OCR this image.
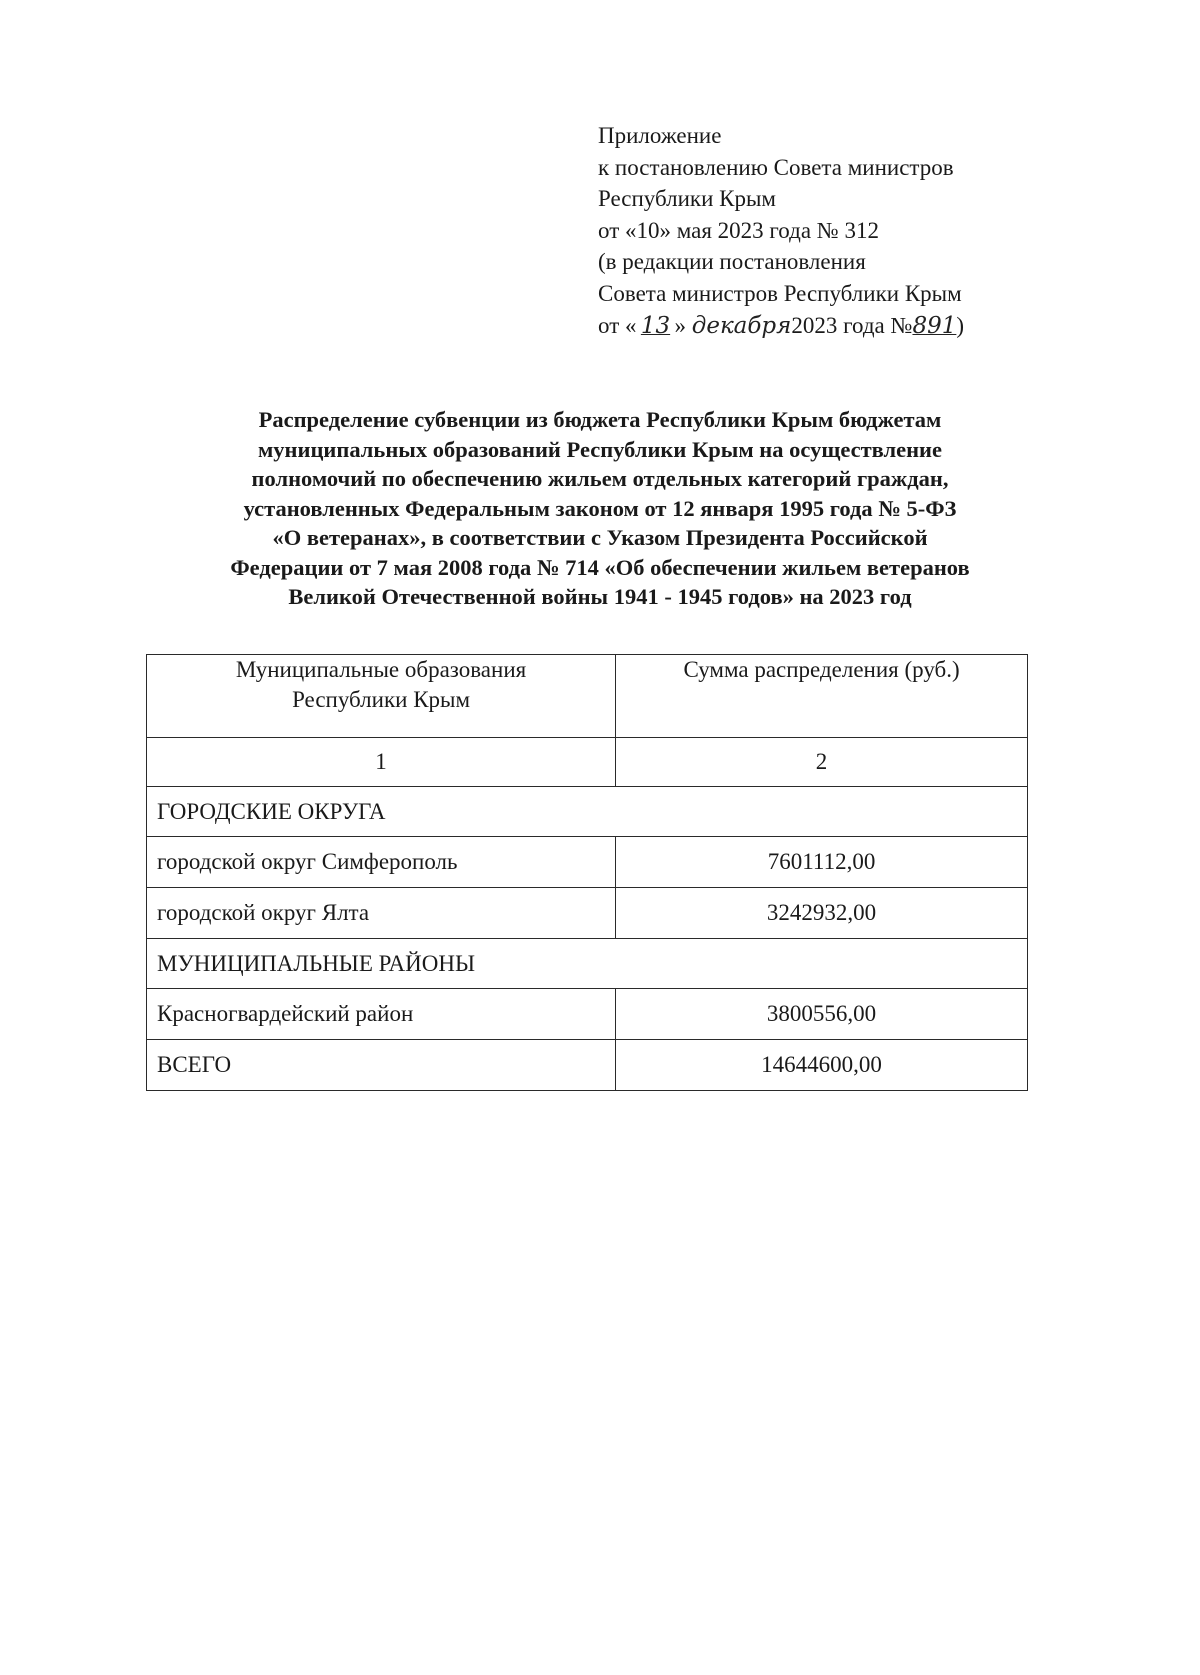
Приложение
к постановлению Совета министров
Республики Крым
от «10» мая 2023 года № 312
(в редакции постановления
Совета министров Республики Крым
от « 13 » декабря2023 года №891)
Распределение субвенции из бюджета Республики Крым бюджетам
муниципальных образований Республики Крым на осуществление
полномочий по обеспечению жильем отдельных категорий граждан,
установленных Федеральным законом от 12 января 1995 года № 5-ФЗ
«О ветеранах», в соответствии с Указом Президента Российской
Федерации от 7 мая 2008 года № 714 «Об обеспечении жильем ветеранов
Великой Отечественной войны 1941 - 1945 годов» на 2023 год
Муниципальные образования
Республики Крым	Сумма распределения (руб.)
1	2
ГОРОДСКИЕ ОКРУГА	
городской округ Симферополь	7601112,00
городской округ Ялта	3242932,00
МУНИЦИПАЛЬНЫЕ РАЙОНЫ	
Красногвардейский район	3800556,00
ВСЕГО	14644600,00
